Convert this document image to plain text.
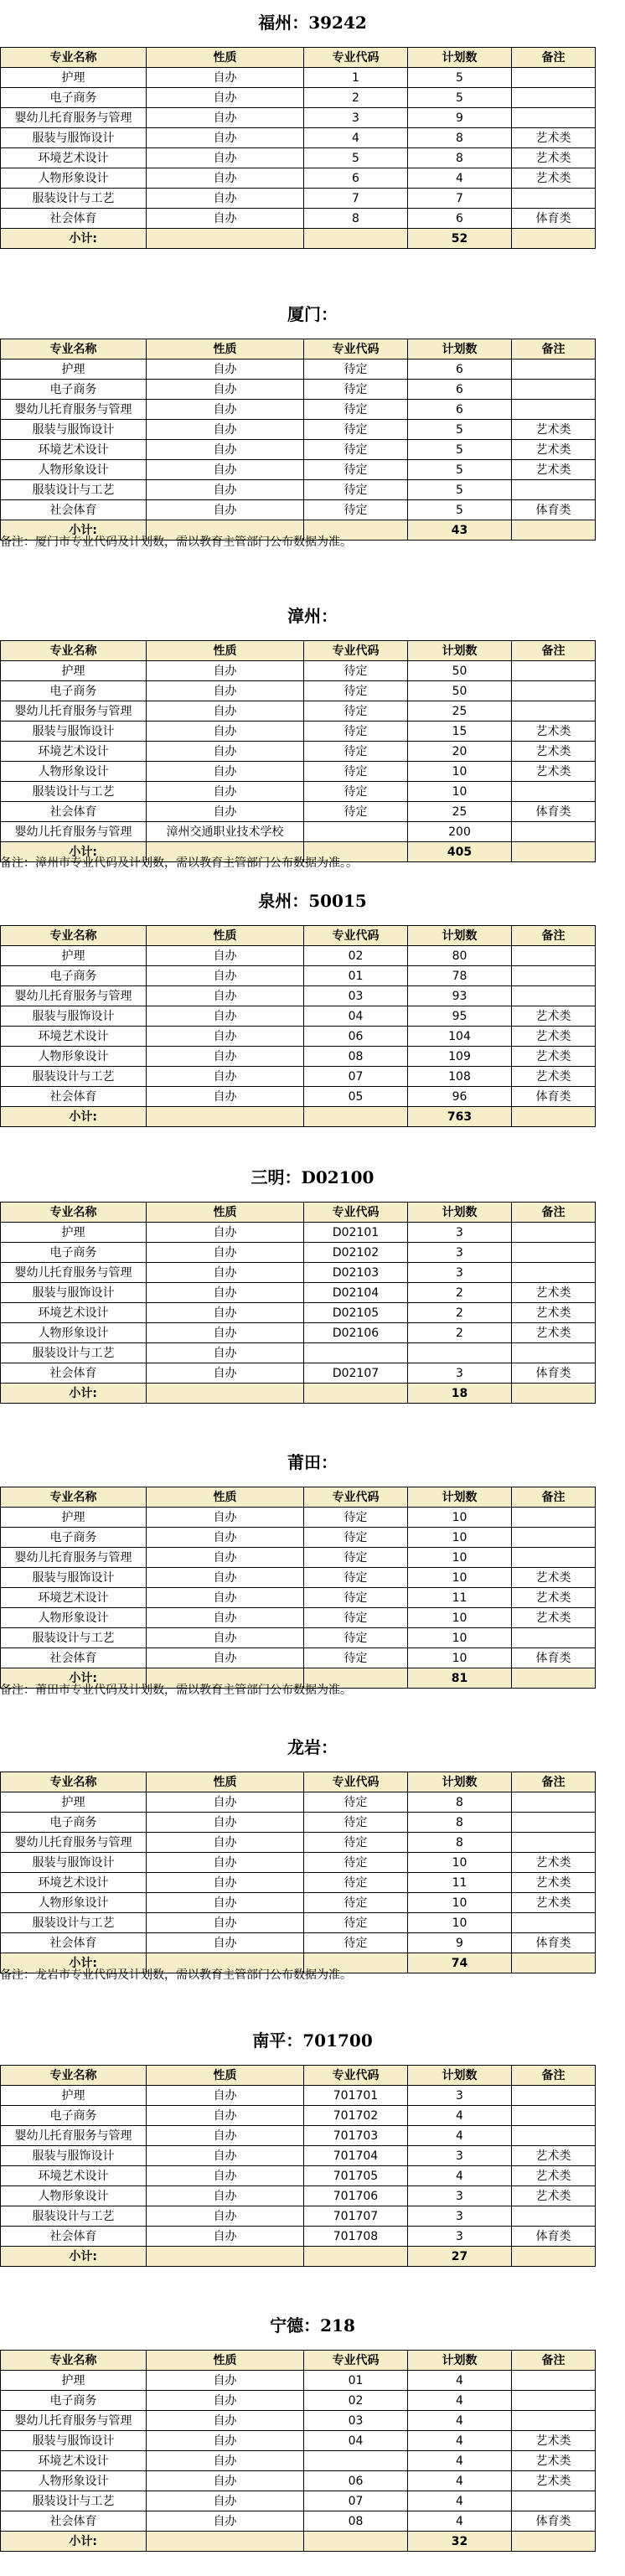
福州：39242
专业名称	性质	专业代码	计划数	备注
护理	自办	1	5	
电子商务	自办	2	5	
婴幼儿托育服务与管理	自办	3	9	
服装与服饰设计	自办	4	8	艺术类
环境艺术设计	自办	5	8	艺术类
人物形象设计	自办	6	4	艺术类
服装设计与工艺	自办	7	7	
社会体育	自办	8	6	体育类
小计:			52	
厦门：
专业名称	性质	专业代码	计划数	备注
护理	自办	待定	6	
电子商务	自办	待定	6	
婴幼儿托育服务与管理	自办	待定	6	
服装与服饰设计	自办	待定	5	艺术类
环境艺术设计	自办	待定	5	艺术类
人物形象设计	自办	待定	5	艺术类
服装设计与工艺	自办	待定	5	
社会体育	自办	待定	5	体育类
小计:			43	
备注：厦门市专业代码及计划数，需以教育主管部门公布数据为准。
漳州：
专业名称	性质	专业代码	计划数	备注
护理	自办	待定	50	
电子商务	自办	待定	50	
婴幼儿托育服务与管理	自办	待定	25	
服装与服饰设计	自办	待定	15	艺术类
环境艺术设计	自办	待定	20	艺术类
人物形象设计	自办	待定	10	艺术类
服装设计与工艺	自办	待定	10	
社会体育	自办	待定	25	体育类
婴幼儿托育服务与管理	漳州交通职业技术学校		200	
小计:			405	
备注：漳州市专业代码及计划数，需以教育主管部门公布数据为准。。
泉州：50015
专业名称	性质	专业代码	计划数	备注
护理	自办	02	80	
电子商务	自办	01	78	
婴幼儿托育服务与管理	自办	03	93	
服装与服饰设计	自办	04	95	艺术类
环境艺术设计	自办	06	104	艺术类
人物形象设计	自办	08	109	艺术类
服装设计与工艺	自办	07	108	艺术类
社会体育	自办	05	96	体育类
小计:			763	
三明：D02100
专业名称	性质	专业代码	计划数	备注
护理	自办	D02101	3	
电子商务	自办	D02102	3	
婴幼儿托育服务与管理	自办	D02103	3	
服装与服饰设计	自办	D02104	2	艺术类
环境艺术设计	自办	D02105	2	艺术类
人物形象设计	自办	D02106	2	艺术类
服装设计与工艺	自办			
社会体育	自办	D02107	3	体育类
小计:			18	
莆田：
专业名称	性质	专业代码	计划数	备注
护理	自办	待定	10	
电子商务	自办	待定	10	
婴幼儿托育服务与管理	自办	待定	10	
服装与服饰设计	自办	待定	10	艺术类
环境艺术设计	自办	待定	11	艺术类
人物形象设计	自办	待定	10	艺术类
服装设计与工艺	自办	待定	10	
社会体育	自办	待定	10	体育类
小计:			81	
备注：莆田市专业代码及计划数，需以教育主管部门公布数据为准。
龙岩：
专业名称	性质	专业代码	计划数	备注
护理	自办	待定	8	
电子商务	自办	待定	8	
婴幼儿托育服务与管理	自办	待定	8	
服装与服饰设计	自办	待定	10	艺术类
环境艺术设计	自办	待定	11	艺术类
人物形象设计	自办	待定	10	艺术类
服装设计与工艺	自办	待定	10	
社会体育	自办	待定	9	体育类
小计:			74	
备注：龙岩市专业代码及计划数，需以教育主管部门公布数据为准。
南平：701700
专业名称	性质	专业代码	计划数	备注
护理	自办	701701	3	
电子商务	自办	701702	4	
婴幼儿托育服务与管理	自办	701703	4	
服装与服饰设计	自办	701704	3	艺术类
环境艺术设计	自办	701705	4	艺术类
人物形象设计	自办	701706	3	艺术类
服装设计与工艺	自办	701707	3	
社会体育	自办	701708	3	体育类
小计:			27	
宁德：218
专业名称	性质	专业代码	计划数	备注
护理	自办	01	4	
电子商务	自办	02	4	
婴幼儿托育服务与管理	自办	03	4	
服装与服饰设计	自办	04	4	艺术类
环境艺术设计	自办		4	艺术类
人物形象设计	自办	06	4	艺术类
服装设计与工艺	自办	07	4	
社会体育	自办	08	4	体育类
小计:			32	
